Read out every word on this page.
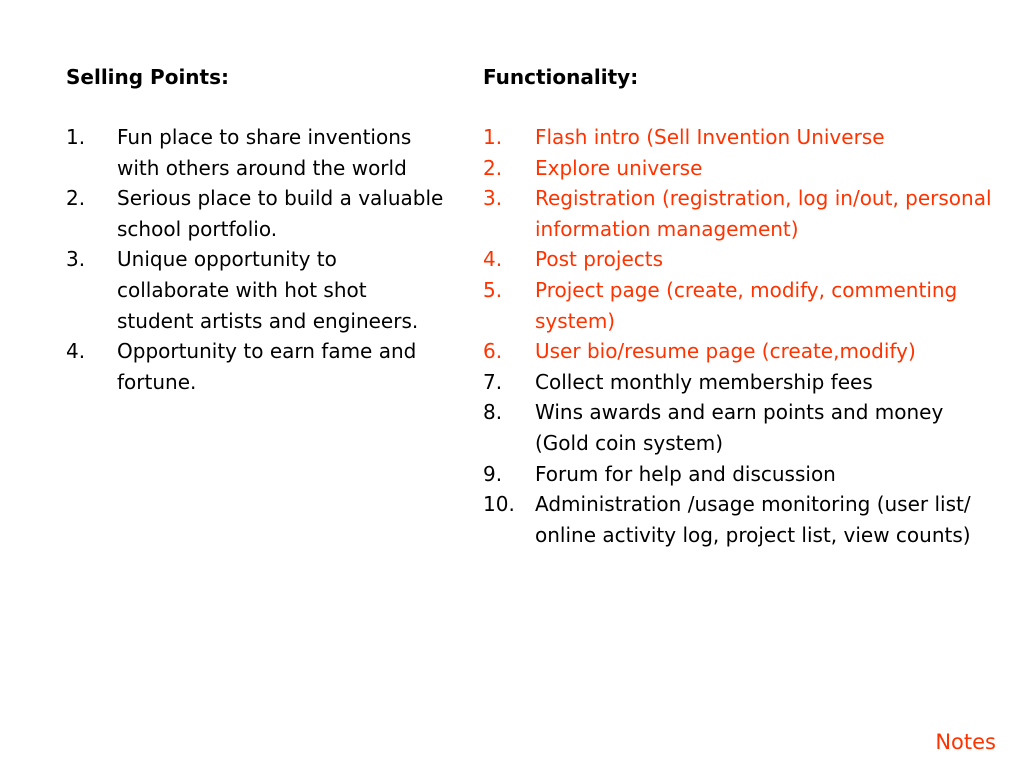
Selling Points:
1. Fun place to share inventions with others around the world
2. Serious place to build a valuable school portfolio.
3. Unique opportunity to collaborate with hot shot student artists and engineers.
4. Opportunity to earn fame and fortune.
Functionality:
1. Flash intro (Sell Invention Universe
2. Explore universe
3. Registration (registration, log in/out, personal information management)
4. Post projects
5. Project page (create, modify, commenting system)
6. User bio/resume page (create,modify)
7. Collect monthly membership fees
8. Wins awards and earn points and money (Gold coin system)
9. Forum for help and discussion
10. Administration /usage monitoring (user list/ online activity log, project list, view counts)
Notes
